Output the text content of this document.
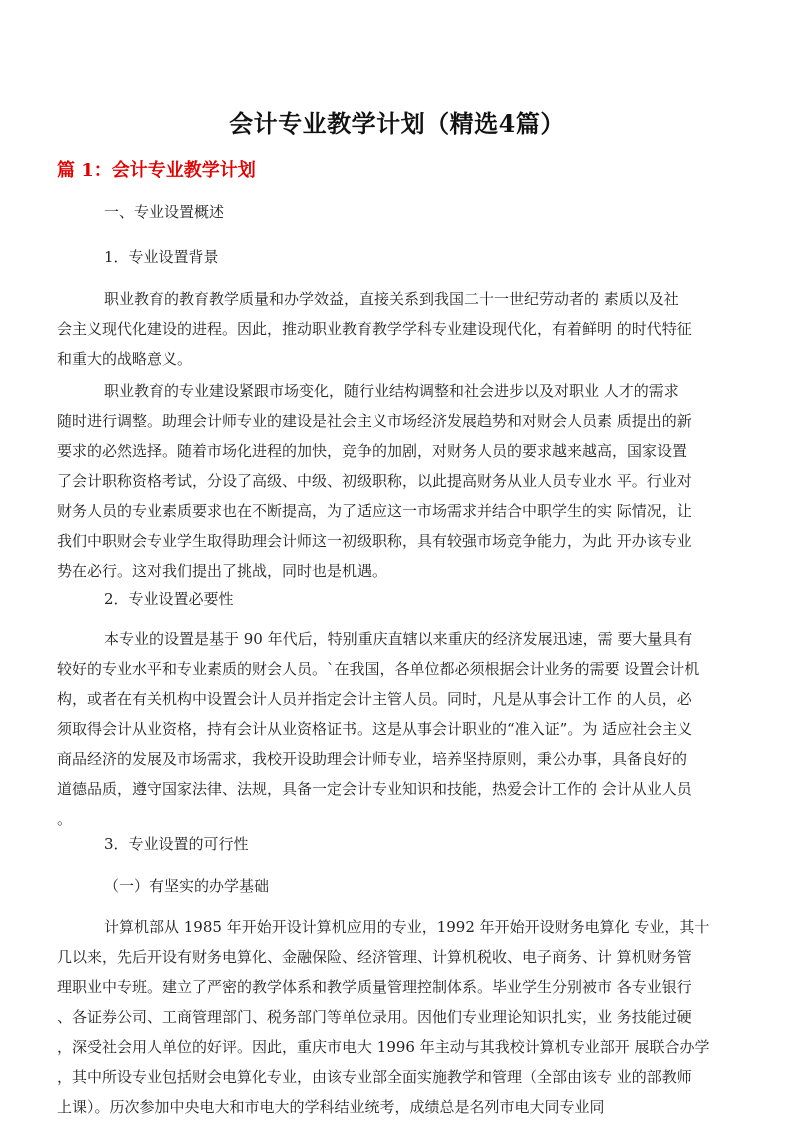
会计专业教学计划（精选4篇）
篇 1：会计专业教学计划
一、专业设置概述
1．专业设置背景
职业教育的教育教学质量和办学效益，直接关系到我国二十一世纪劳动者的 素质以及社
会主义现代化建设的进程。因此，推动职业教育教学学科专业建设现代化，有着鲜明 的时代特征
和重大的战略意义。
职业教育的专业建设紧跟市场变化，随行业结构调整和社会进步以及对职业 人才的需求
随时进行调整。助理会计师专业的建设是社会主义市场经济发展趋势和对财会人员素 质提出的新
要求的必然选择。随着市场化进程的加快，竞争的加剧，对财务人员的要求越来越高，国家设置
了会计职称资格考试，分设了高级、中级、初级职称，以此提高财务从业人员专业水 平。行业对
财务人员的专业素质要求也在不断提高，为了适应这一市场需求并结合中职学生的实 际情况，让
我们中职财会专业学生取得助理会计师这一初级职称，具有较强市场竞争能力，为此 开办该专业
势在必行。这对我们提出了挑战，同时也是机遇。
2．专业设置必要性
本专业的设置是基于 90 年代后，特别重庆直辖以来重庆的经济发展迅速，需 要大量具有
较好的专业水平和专业素质的财会人员。`在我国，各单位都必须根据会计业务的需要 设置会计机
构，或者在有关机构中设置会计人员并指定会计主管人员。同时，凡是从事会计工作 的人员，必
须取得会计从业资格，持有会计从业资格证书。这是从事会计职业的“准入证”。为 适应社会主义
商品经济的发展及市场需求，我校开设助理会计师专业，培养坚持原则，秉公办事，具备良好的
道德品质，遵守国家法律、法规，具备一定会计专业知识和技能，热爱会计工作的 会计从业人员
。
3．专业设置的可行性
（一）有坚实的办学基础
计算机部从 1985 年开始开设计算机应用的专业，1992 年开始开设财务电算化 专业，其十
几以来，先后开设有财务电算化、金融保险、经济管理、计算机税收、电子商务、计 算机财务管
理职业中专班。建立了严密的教学体系和教学质量管理控制体系。毕业学生分别被市 各专业银行
、各证券公司、工商管理部门、税务部门等单位录用。因他们专业理论知识扎实，业 务技能过硬
，深受社会用人单位的好评。因此，重庆市电大 1996 年主动与其我校计算机专业部开 展联合办学
，其中所设专业包括财会电算化专业，由该专业部全面实施教学和管理（全部由该专 业的部教师
上课）。历次参加中央电大和市电大的学科结业统考，成绩总是名列市电大同专业同
